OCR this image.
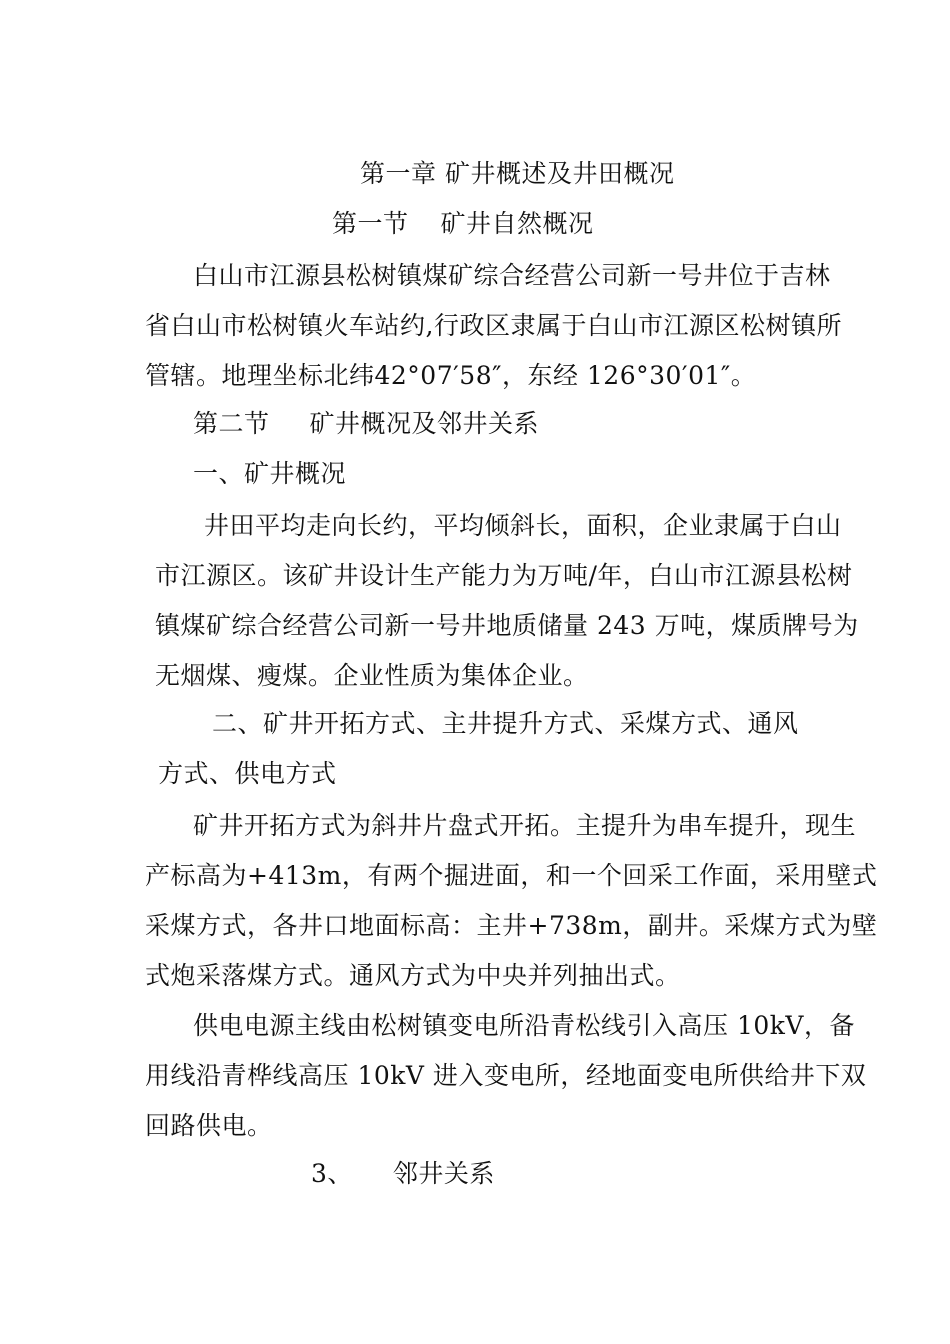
第一章 矿井概述及井田概况
第一节 矿井自然概况
白山市江源县松树镇煤矿综合经营公司新一号井位于吉林
省白山市松树镇火车站约,行政区隶属于白山市江源区松树镇所
管辖。地理坐标北纬42°07′58″，东经 126°30′01″。
第二节 矿井概况及邻井关系
一、矿井概况
井田平均走向长约，平均倾斜长，面积，企业隶属于白山
市江源区。该矿井设计生产能力为万吨/年，白山市江源县松树
镇煤矿综合经营公司新一号井地质储量 243 万吨，煤质牌号为
无烟煤、瘦煤。企业性质为集体企业。
二、矿井开拓方式、主井提升方式、采煤方式、通风
方式、供电方式
矿井开拓方式为斜井片盘式开拓。主提升为串车提升，现生
产标高为+413m，有两个掘进面，和一个回采工作面，采用壁式
采煤方式，各井口地面标高：主井+738m，副井。采煤方式为壁
式炮采落煤方式。通风方式为中央并列抽出式。
供电电源主线由松树镇变电所沿青松线引入高压 10kV，备
用线沿青桦线高压 10kV 进入变电所，经地面变电所供给井下双
回路供电。
3、 邻井关系
